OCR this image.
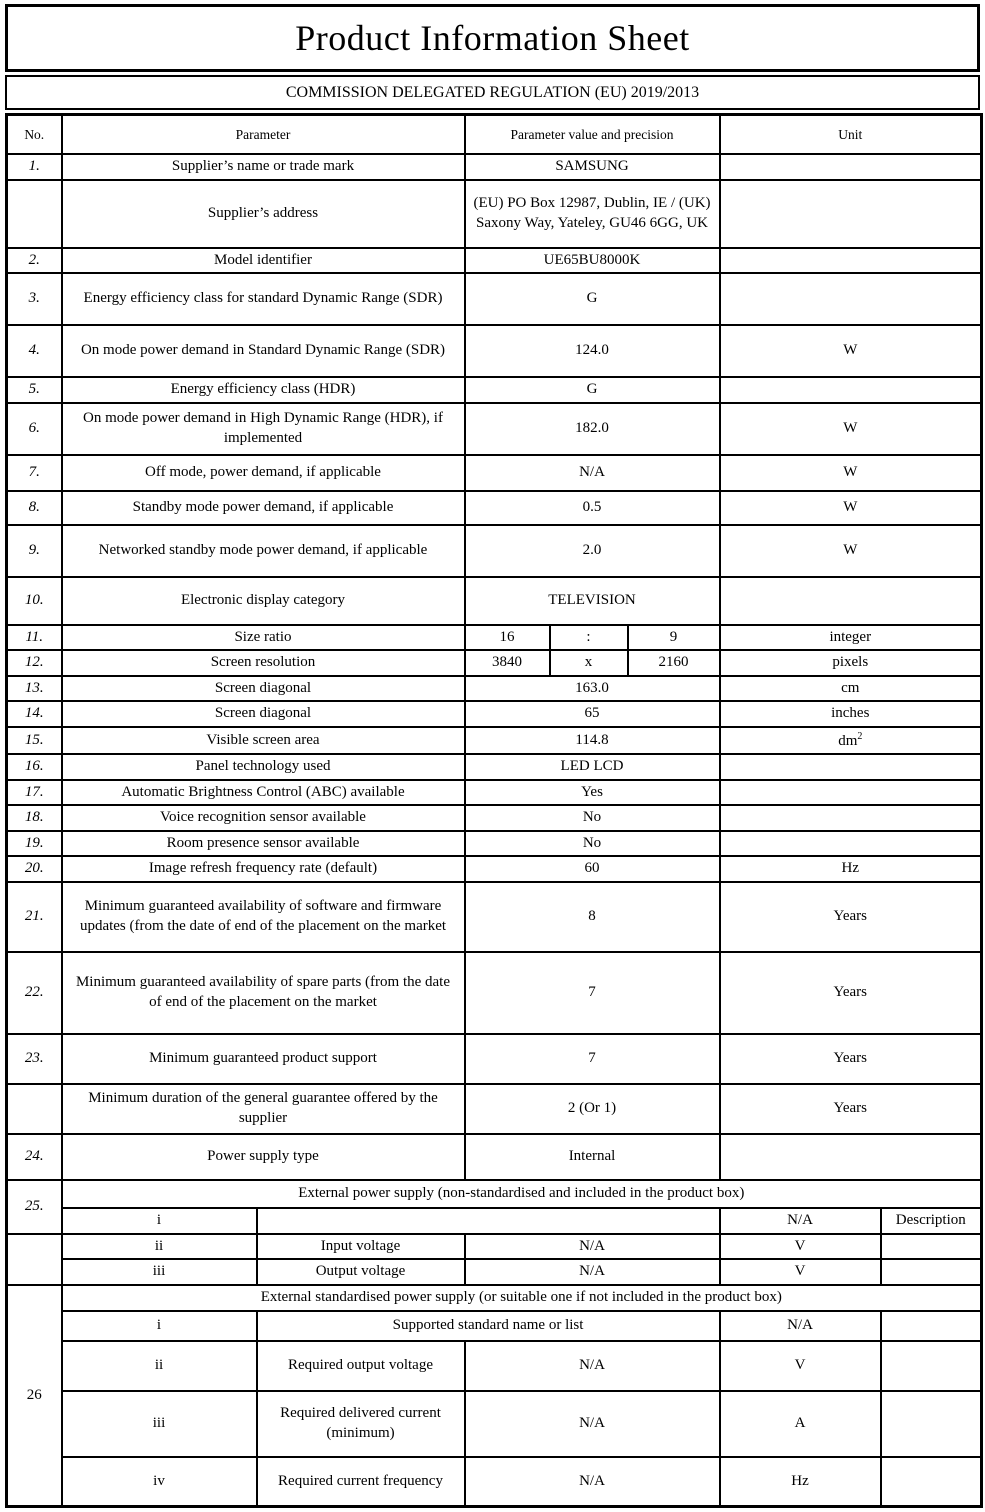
Product Information Sheet
COMMISSION DELEGATED REGULATION (EU) 2019/2013
No.	Parameter		Parameter value and precision			Unit	
1.	Supplier’s name or trade mark		SAMSUNG				
	Supplier’s address		(EU) PO Box 12987, Dublin, IE / (UK) Saxony Way, Yateley, GU46 6GG, UK				
2.	Model identifier		UE65BU8000K				
3.	Energy efficiency class for standard Dynamic Range (SDR)		G				
4.	On mode power demand in Standard Dynamic Range (SDR)		124.0			W	
5.	Energy efficiency class (HDR)		G				
6.	On mode power demand in High Dynamic Range (HDR), if implemented		182.0			W	
7.	Off mode, power demand, if applicable		N/A			W	
8.	Standby mode power demand, if applicable		0.5			W	
9.	Networked standby mode power demand, if applicable		2.0			W	
10.	Electronic display category		TELEVISION				
11.	Size ratio		16	:	9	integer	
12.	Screen resolution		3840	x	2160	pixels	
13.	Screen diagonal		163.0			cm	
14.	Screen diagonal		65			inches	
15.	Visible screen area		114.8			$dm^2$
16.	Panel technology used		LED LCD				
17.	Automatic Brightness Control (ABC) available		Yes				
18.	Voice recognition sensor available		No				
19.	Room presence sensor available		No				
20.	Image refresh frequency rate (default)		60			Hz	
21.	Minimum guaranteed availability of software and firmware updates (from the date of end of the placement on the market		8			Years	
22.	Minimum guaranteed availability of spare parts (from the date of end of the placement on the market		7			Years	
23.	Minimum guaranteed product support		7			Years	
	Minimum duration of the general guarantee offered by the supplier		2 (Or 1)			Years	
24.	Power supply type		Internal				
25.	External power supply (non-standardised and included in the product box)						
	i					N/A	Description
	ii	Input voltage	N/A			V	
	iii	Output voltage	N/A			V	
26	External standardised power supply (or suitable one if not included in the product box)						
	i	Supported standard name or list				N/A	
	ii	Required output voltage	N/A			V	
	iii	Required delivered current (minimum)	N/A			A	
	iv	Required current frequency	N/A			Hz	
